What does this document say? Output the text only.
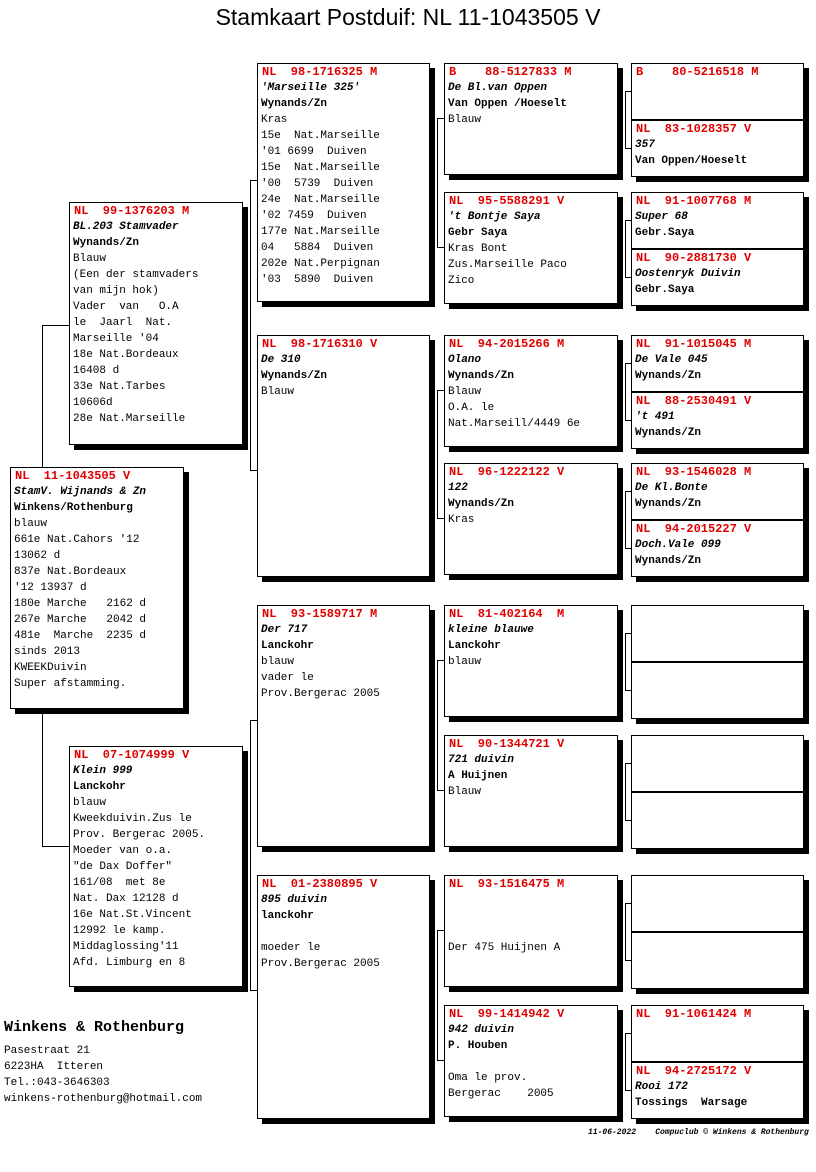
Stamkaart Postduif: NL 11-1043505 V
NL  11-1043505 V
StamV. Wijnands & Zn
Winkens/Rothenburg
blauw
661e Nat.Cahors '12
13062 d
837e Nat.Bordeaux
'12 13937 d
180e Marche   2162 d
267e Marche   2042 d
481e  Marche  2235 d
sinds 2013
KWEEKDuivin
Super afstamming.
NL  99-1376203 M
BL.203 Stamvader
Wynands/Zn
Blauw
(Een der stamvaders
van mijn hok)
Vader  van   O.A
le  Jaarl  Nat.
Marseille '04
18e Nat.Bordeaux
16408 d
33e Nat.Tarbes
10606d
28e Nat.Marseille
NL  07-1074999 V
Klein 999
Lanckohr
blauw
Kweekduivin.Zus le
Prov. Bergerac 2005.
Moeder van o.a.
"de Dax Doffer"
161/08  met 8e
Nat. Dax 12128 d
16e Nat.St.Vincent
12992 le kamp.
Middaglossing'11
Afd. Limburg en 8
NL  98-1716325 M
'Marseille 325'
Wynands/Zn
Kras
15e  Nat.Marseille
'01 6699  Duiven
15e  Nat.Marseille
'00  5739  Duiven
24e  Nat.Marseille
'02 7459  Duiven
177e Nat.Marseille
04   5884  Duiven
202e Nat.Perpignan
'03  5890  Duiven
NL  98-1716310 V
De 310
Wynands/Zn
Blauw
NL  93-1589717 M
Der 717
Lanckohr
blauw
vader le
Prov.Bergerac 2005
NL  01-2380895 V
895 duivin
lanckohr

moeder le
Prov.Bergerac 2005
B    88-5127833 M
De Bl.van Oppen
Van Oppen /Hoeselt
Blauw
NL  95-5588291 V
't Bontje Saya
Gebr Saya
Kras Bont
Zus.Marseille Paco
Zico
NL  94-2015266 M
Olano
Wynands/Zn
Blauw
O.A. le
Nat.Marseill/4449 6e
NL  96-1222122 V
122
Wynands/Zn
Kras
NL  81-402164  M
kleine blauwe
Lanckohr
blauw
NL  90-1344721 V
721 duivin
A Huijnen
Blauw
NL  93-1516475 M

Der 475 Huijnen A
NL  99-1414942 V
942 duivin
P. Houben

Oma le prov.
Bergerac    2005
B    80-5216518 M
NL  83-1028357 V
357
Van Oppen/Hoeselt
NL  91-1007768 M
Super 68
Gebr.Saya
NL  90-2881730 V
Oostenryk Duivin
Gebr.Saya
NL  91-1015045 M
De Vale 045
Wynands/Zn
NL  88-2530491 V
't 491
Wynands/Zn
NL  93-1546028 M
De Kl.Bonte
Wynands/Zn
NL  94-2015227 V
Doch.Vale 099
Wynands/Zn
NL  91-1061424 M
NL  94-2725172 V
Rooi 172
Tossings  Warsage
Winkens & Rothenburg
Pasestraat 21
6223HA  Itteren
Tel.:043-3646303
winkens-rothenburg@hotmail.com
11-06-2022    Compuclub © Winkens & Rothenburg
